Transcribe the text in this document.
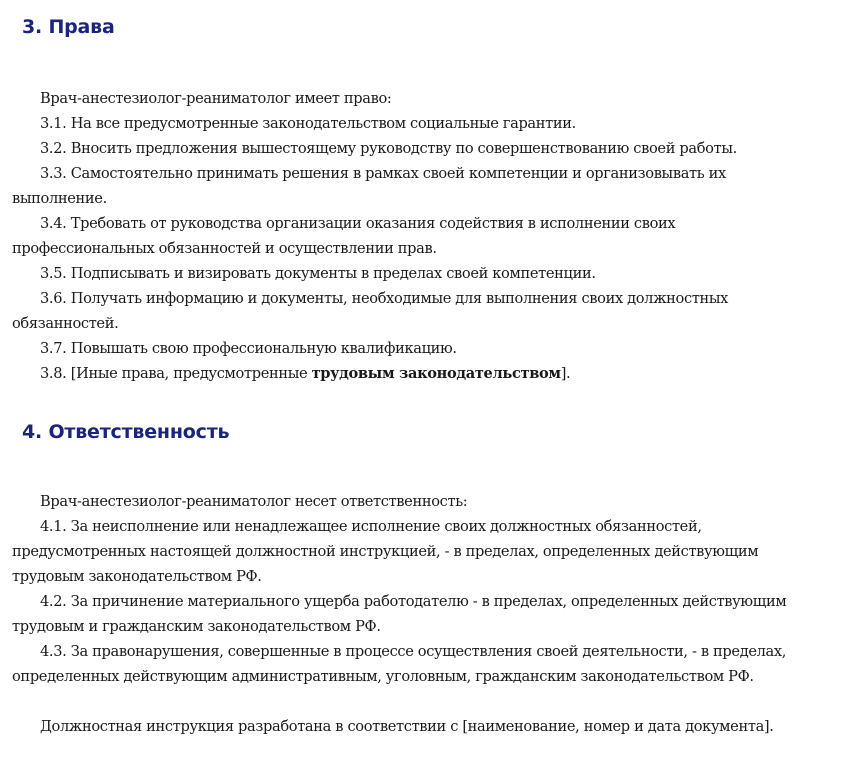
3. Права
Врач-анестезиолог-реаниматолог имеет право:
3.1. На все предусмотренные законодательством социальные гарантии.
3.2. Вносить предложения вышестоящему руководству по совершенствованию своей работы.
3.3. Самостоятельно принимать решения в рамках своей компетенции и организовывать их
выполнение.
3.4. Требовать от руководства организации оказания содействия в исполнении своих
профессиональных обязанностей и осуществлении прав.
3.5. Подписывать и визировать документы в пределах своей компетенции.
3.6. Получать информацию и документы, необходимые для выполнения своих должностных
обязанностей.
3.7. Повышать свою профессиональную квалификацию.
3.8. [Иные права, предусмотренные трудовым законодательством].
4. Ответственность
Врач-анестезиолог-реаниматолог несет ответственность:
4.1. За неисполнение или ненадлежащее исполнение своих должностных обязанностей,
предусмотренных настоящей должностной инструкцией, - в пределах, определенных действующим
трудовым законодательством РФ.
4.2. За причинение материального ущерба работодателю - в пределах, определенных действующим
трудовым и гражданским законодательством РФ.
4.3. За правонарушения, совершенные в процессе осуществления своей деятельности, - в пределах,
определенных действующим административным, уголовным, гражданским законодательством РФ.
Должностная инструкция разработана в соответствии с [наименование, номер и дата документа].
